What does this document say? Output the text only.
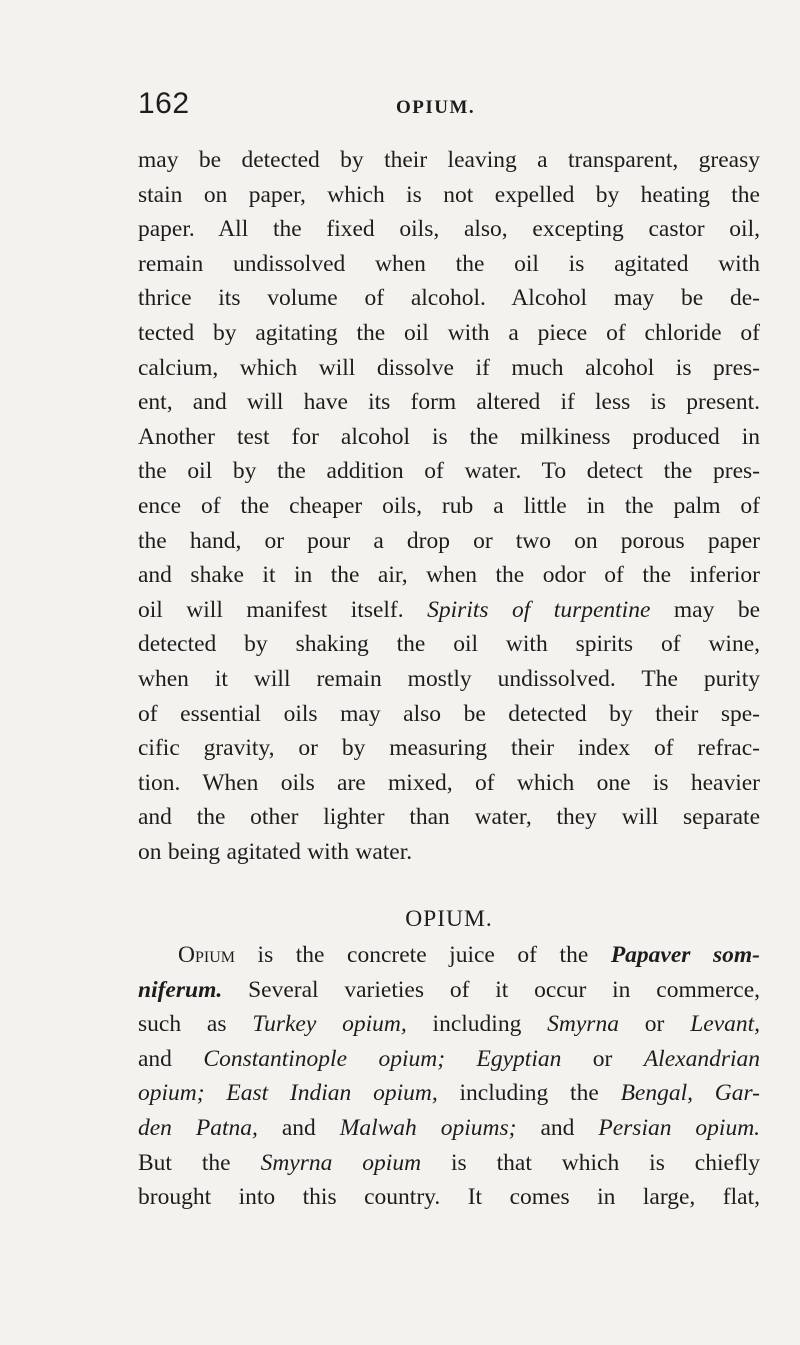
162	OPIUM.
may be detected by their leaving a transparent, greasy
stain on paper, which is not expelled by heating the
paper. All the fixed oils, also, excepting castor oil,
remain undissolved when the oil is agitated with
thrice its volume of alcohol. Alcohol may be de-
tected by agitating the oil with a piece of chloride of
calcium, which will dissolve if much alcohol is pres-
ent, and will have its form altered if less is present.
Another test for alcohol is the milkiness produced in
the oil by the addition of water. To detect the pres-
ence of the cheaper oils, rub a little in the palm of
the hand, or pour a drop or two on porous paper
and shake it in the air, when the odor of the inferior
oil will manifest itself. Spirits of turpentine may be
detected by shaking the oil with spirits of wine,
when it will remain mostly undissolved. The purity
of essential oils may also be detected by their spe-
cific gravity, or by measuring their index of refrac-
tion. When oils are mixed, of which one is heavier
and the other lighter than water, they will separate
on being agitated with water.
OPIUM.
Opium is the concrete juice of the Papaver som-
niferum. Several varieties of it occur in commerce,
such as Turkey opium, including Smyrna or Levant,
and Constantinople opium; Egyptian or Alexandrian
opium; East Indian opium, including the Bengal, Gar-
den Patna, and Malwah opiums; and Persian opium.
But the Smyrna opium is that which is chiefly
brought into this country. It comes in large, flat,
